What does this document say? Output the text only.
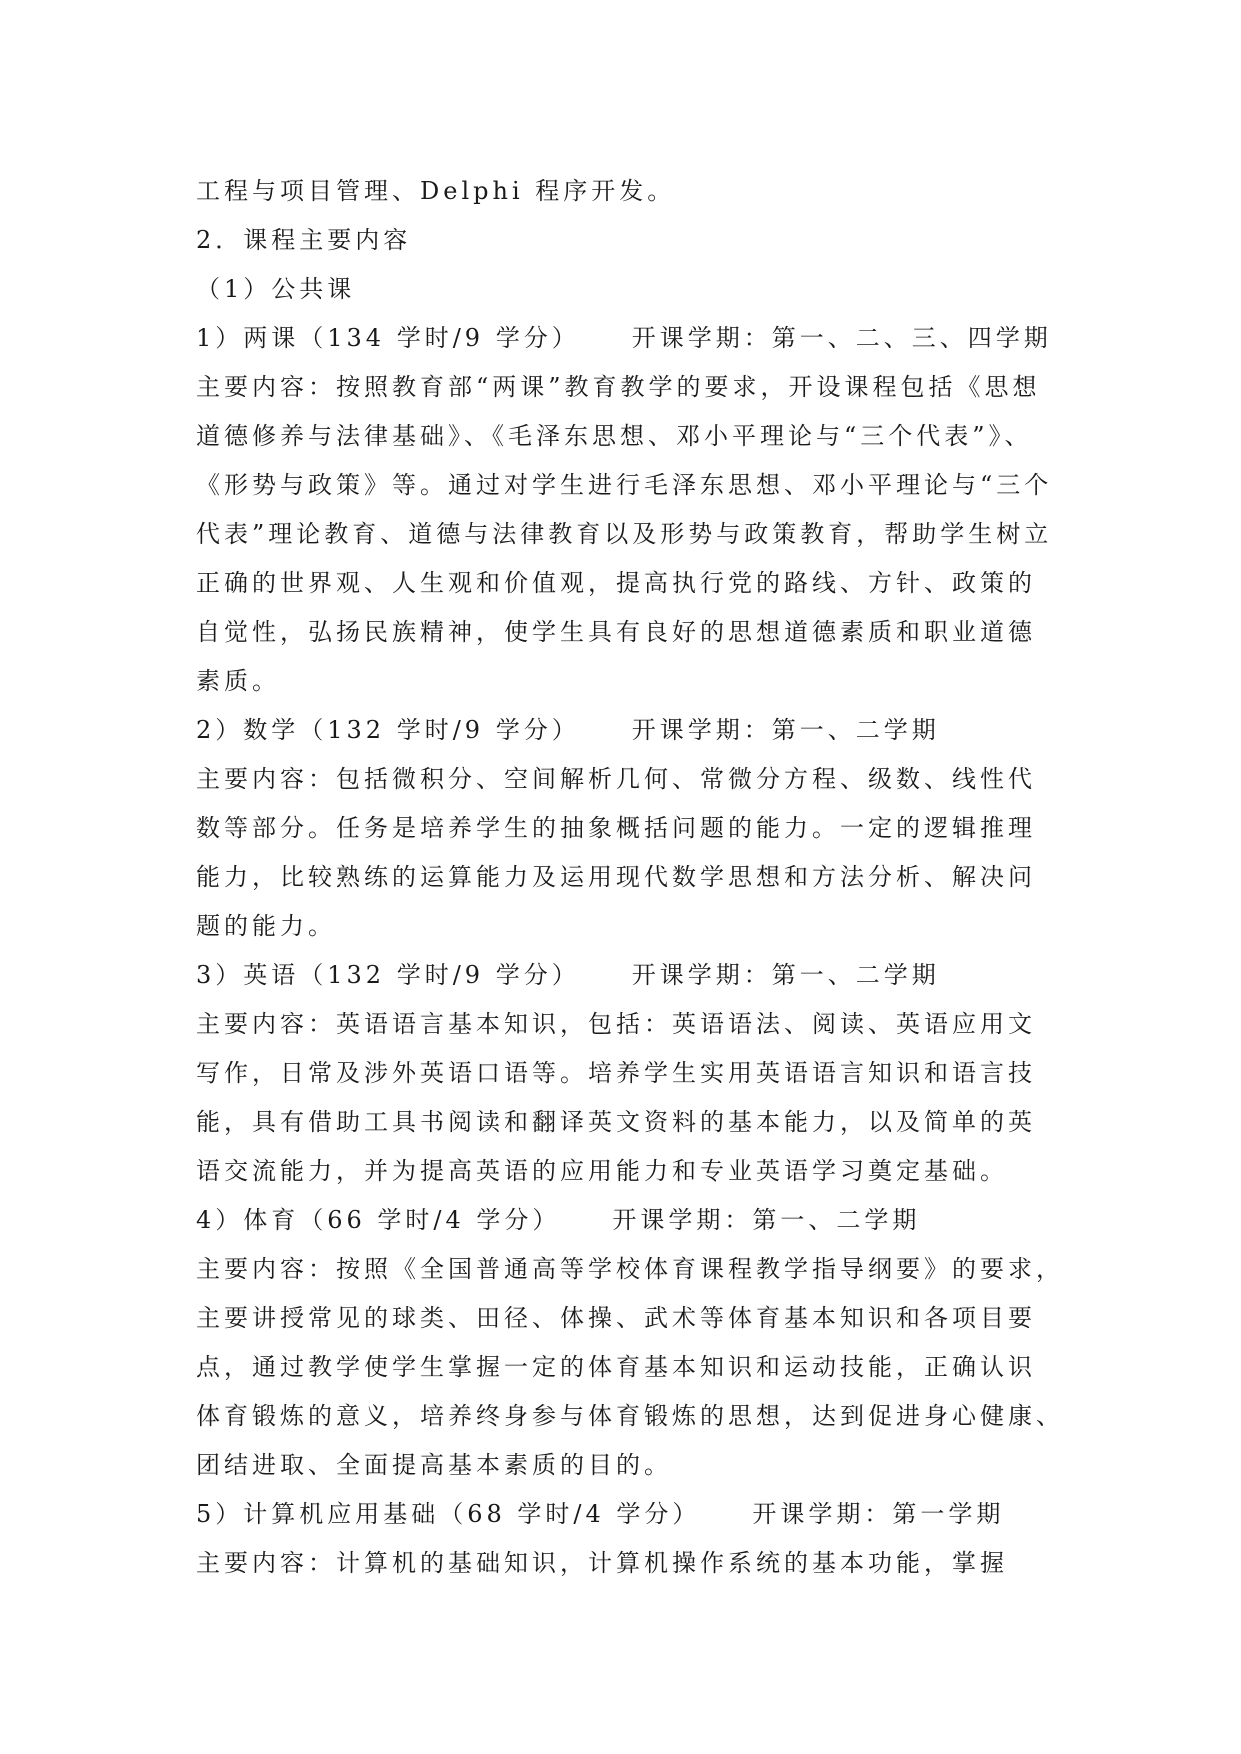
工程与项目管理、Delphi 程序开发。
2．课程主要内容
（1）公共课
1）两课（134 学时/9 学分） 开课学期：第一、二、三、四学期
主要内容：按照教育部“两课”教育教学的要求，开设课程包括《思想
道德修养与法律基础》、《毛泽东思想、邓小平理论与“三个代表”》、
《形势与政策》等。通过对学生进行毛泽东思想、邓小平理论与“三个
代表”理论教育、道德与法律教育以及形势与政策教育，帮助学生树立
正确的世界观、人生观和价值观，提高执行党的路线、方针、政策的
自觉性，弘扬民族精神，使学生具有良好的思想道德素质和职业道德
素质。
2）数学（132 学时/9 学分） 开课学期：第一、二学期
主要内容：包括微积分、空间解析几何、常微分方程、级数、线性代
数等部分。任务是培养学生的抽象概括问题的能力。一定的逻辑推理
能力，比较熟练的运算能力及运用现代数学思想和方法分析、解决问
题的能力。
3）英语（132 学时/9 学分） 开课学期：第一、二学期
主要内容：英语语言基本知识，包括：英语语法、阅读、英语应用文
写作，日常及涉外英语口语等。培养学生实用英语语言知识和语言技
能，具有借助工具书阅读和翻译英文资料的基本能力，以及简单的英
语交流能力，并为提高英语的应用能力和专业英语学习奠定基础。
4）体育（66 学时/4 学分） 开课学期：第一、二学期
主要内容：按照《全国普通高等学校体育课程教学指导纲要》的要求，
主要讲授常见的球类、田径、体操、武术等体育基本知识和各项目要
点，通过教学使学生掌握一定的体育基本知识和运动技能，正确认识
体育锻炼的意义，培养终身参与体育锻炼的思想，达到促进身心健康、
团结进取、全面提高基本素质的目的。
5）计算机应用基础（68 学时/4 学分） 开课学期：第一学期
主要内容：计算机的基础知识，计算机操作系统的基本功能，掌握
